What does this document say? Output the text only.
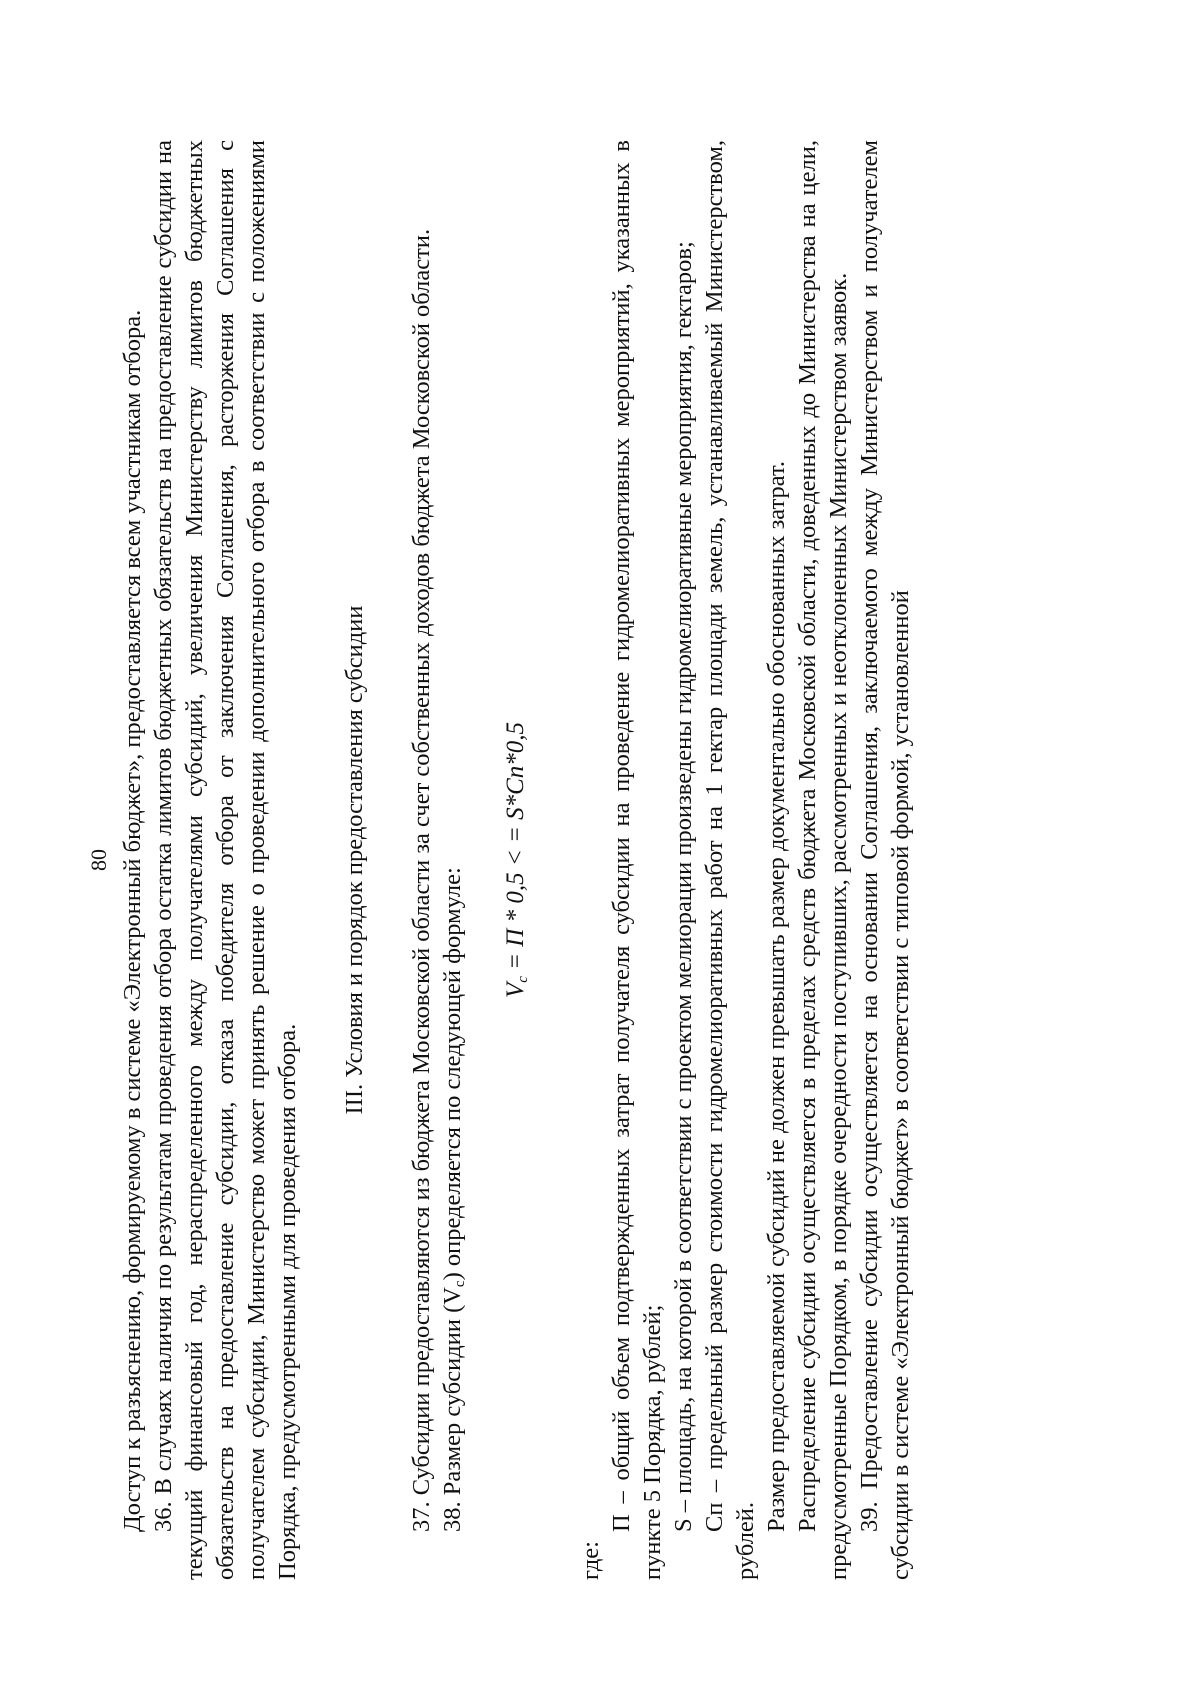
80 Доступ к разъяснению, формируемому в системе «Электронный бюджет», предоставляется всем участникам отбора. 36. В случаях наличия по результатам проведения отбора остатка лимитов бюджетных обязательств на предоставление субсидии на текущий финансовый год, нераспределенного между получателями субсидий, увеличения Министерству лимитов бюджетных обязательств на предоставление субсидии, отказа победителя отбора от заключения Соглашения, расторжения Соглашения с получателем субсидии, Министерство может принять решение о проведении дополнительного отбора в соответствии с положениями Порядка, предусмотренными для проведения отбора.

III. Условия и порядок предоставления субсидии 37. Субсидии предоставляются из бюджета Московской области за счет собственных доходов бюджета Московской области. 38. Размер субсидии (Vс) определяется по следующей формуле:	$V_с = П * 0,5$ < = S*Сп*0,5

где:

П – общий объем подтвержденных затрат получателя субсидии на проведение гидромелиоративных мероприятий, указанных в пункте 5 Порядка, рублей; S – площадь, на которой в соответствии с проектом мелиорации произведены гидромелиоративные мероприятия, гектаров; Сп – предельный размер стоимости гидромелиоративных работ на 1 гектар площади земель, устанавливаемый Министерством, рублей.

Размер предоставляемой субсидий не должен превышать размер документально обоснованных затрат. Распределение субсидии осуществляется в пределах средств бюджета Московской области, доведенных до Министерства на цели, предусмотренные Порядком, в порядке очередности поступивших, рассмотренных и неотклоненных Министерством заявок. 39. Предоставление субсидии осуществляется на основании Соглашения, заключаемого между Министерством и получателем субсидии в системе «Электронный бюджет» в соответствии с типовой формой, установленной
